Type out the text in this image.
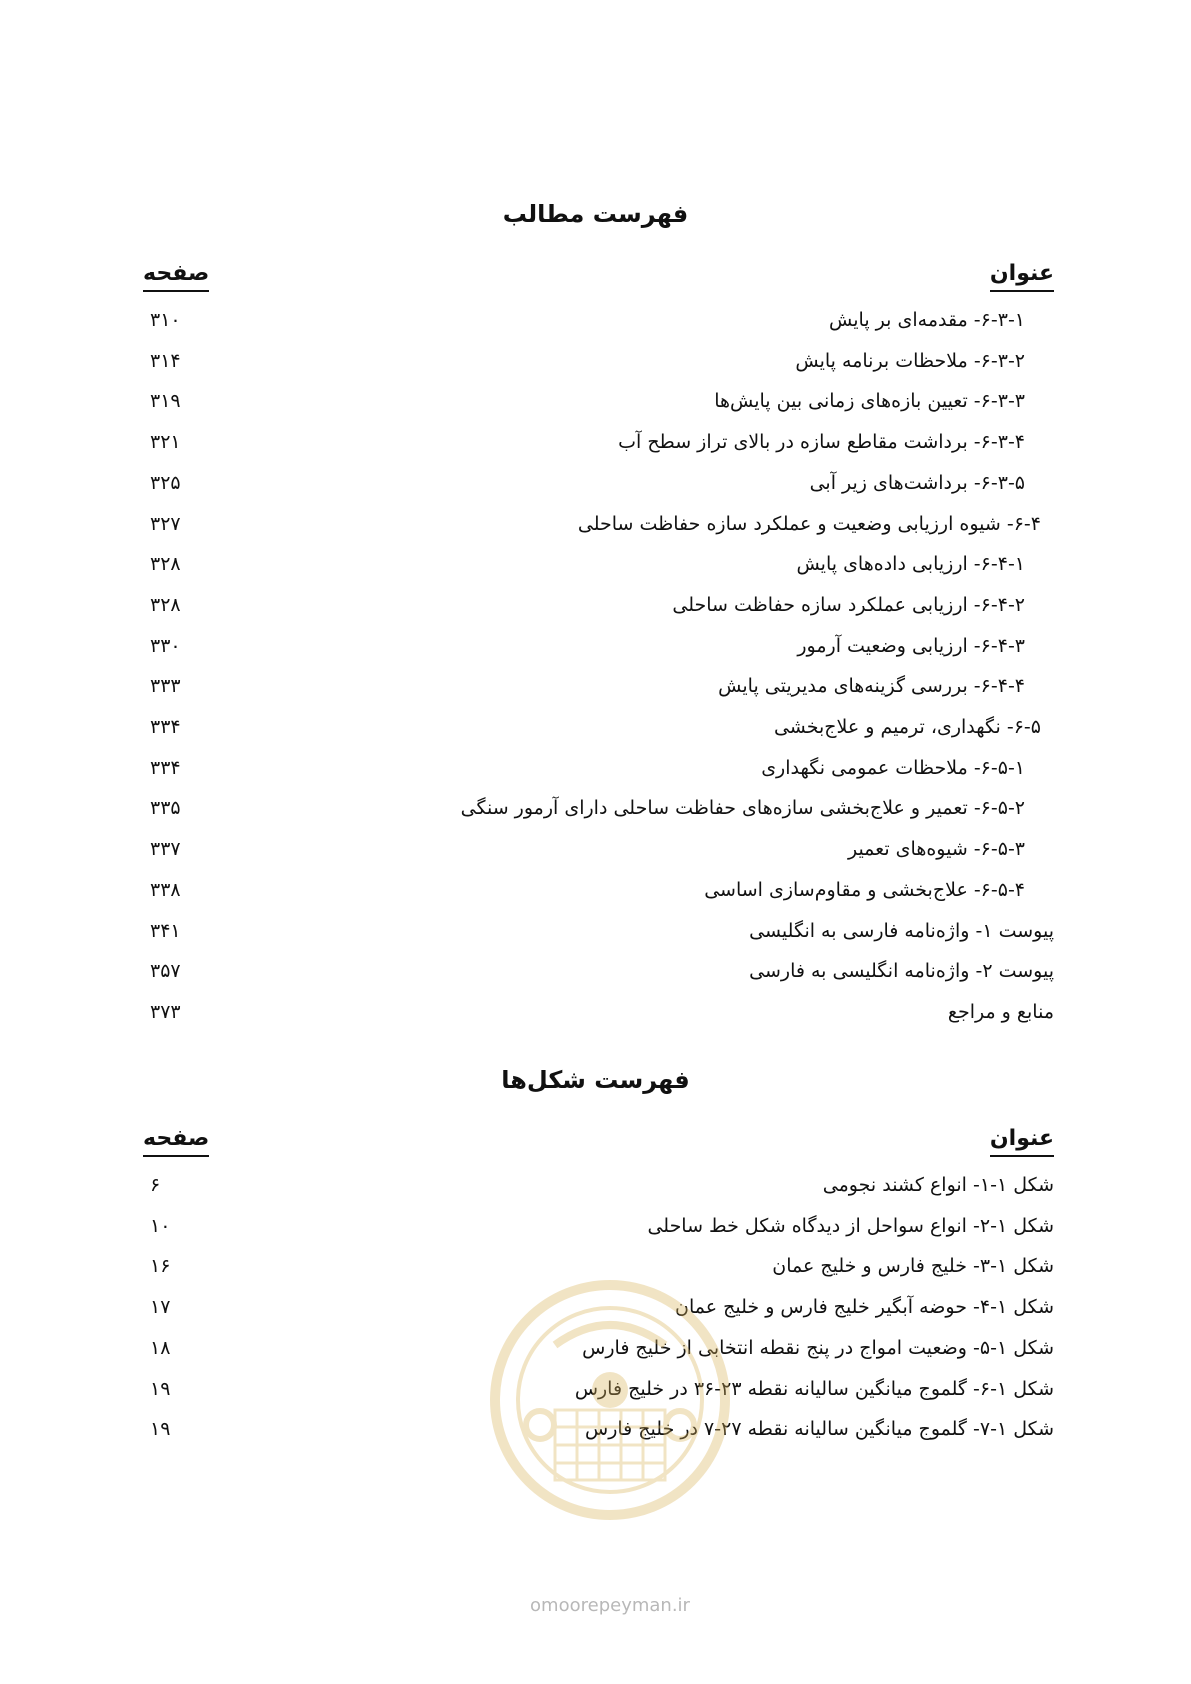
فهرست مطالب
عنوان
صفحه
۶-۳-۱- مقدمه‌ای بر پایش
۳۱۰
۶-۳-۲- ملاحظات برنامه پایش
۳۱۴
۶-۳-۳- تعیین بازه‌های زمانی بین پایش‌ها
۳۱۹
۶-۳-۴- برداشت مقاطع سازه در بالای تراز سطح آب
۳۲۱
۶-۳-۵- برداشت‌های زیر آبی
۳۲۵
۶-۴- شیوه ارزیابی وضعیت و عملکرد سازه حفاظت ساحلی
۳۲۷
۶-۴-۱- ارزیابی داده‌های پایش
۳۲۸
۶-۴-۲- ارزیابی عملکرد سازه حفاظت ساحلی
۳۲۸
۶-۴-۳- ارزیابی وضعیت آرمور
۳۳۰
۶-۴-۴- بررسی گزینه‌های مدیریتی پایش
۳۳۳
۶-۵- نگهداری، ترمیم و علاج‌بخشی
۳۳۴
۶-۵-۱- ملاحظات عمومی نگهداری
۳۳۴
۶-۵-۲- تعمیر و علاج‌بخشی سازه‌های حفاظت ساحلی دارای آرمور سنگی
۳۳۵
۶-۵-۳- شیوه‌های تعمیر
۳۳۷
۶-۵-۴- علاج‌بخشی و مقاوم‌سازی اساسی
۳۳۸
پیوست ۱- واژه‌نامه فارسی به انگلیسی
۳۴۱
پیوست ۲- واژه‌نامه انگلیسی به فارسی
۳۵۷
منابع و مراجع
۳۷۳
فهرست شکل‌ها
عنوان
صفحه
شکل ۱-۱- انواع کشند نجومی
۶
شکل ۱-۲- انواع سواحل از دیدگاه شکل خط ساحلی
۱۰
شکل ۱-۳- خلیج فارس و خلیج عمان
۱۶
شکل ۱-۴- حوضه آبگیر خلیج فارس و خلیج عمان
۱۷
شکل ۱-۵- وضعیت امواج در پنج نقطه انتخابی از خلیج فارس
۱۸
شکل ۱-۶- گلموج میانگین سالیانه نقطه ۲۳-۳۶ در خلیج فارس
۱۹
شکل ۱-۷- گلموج میانگین سالیانه نقطه ۲۷-۷ در خلیج فارس
۱۹
omoorepeyman.ir
